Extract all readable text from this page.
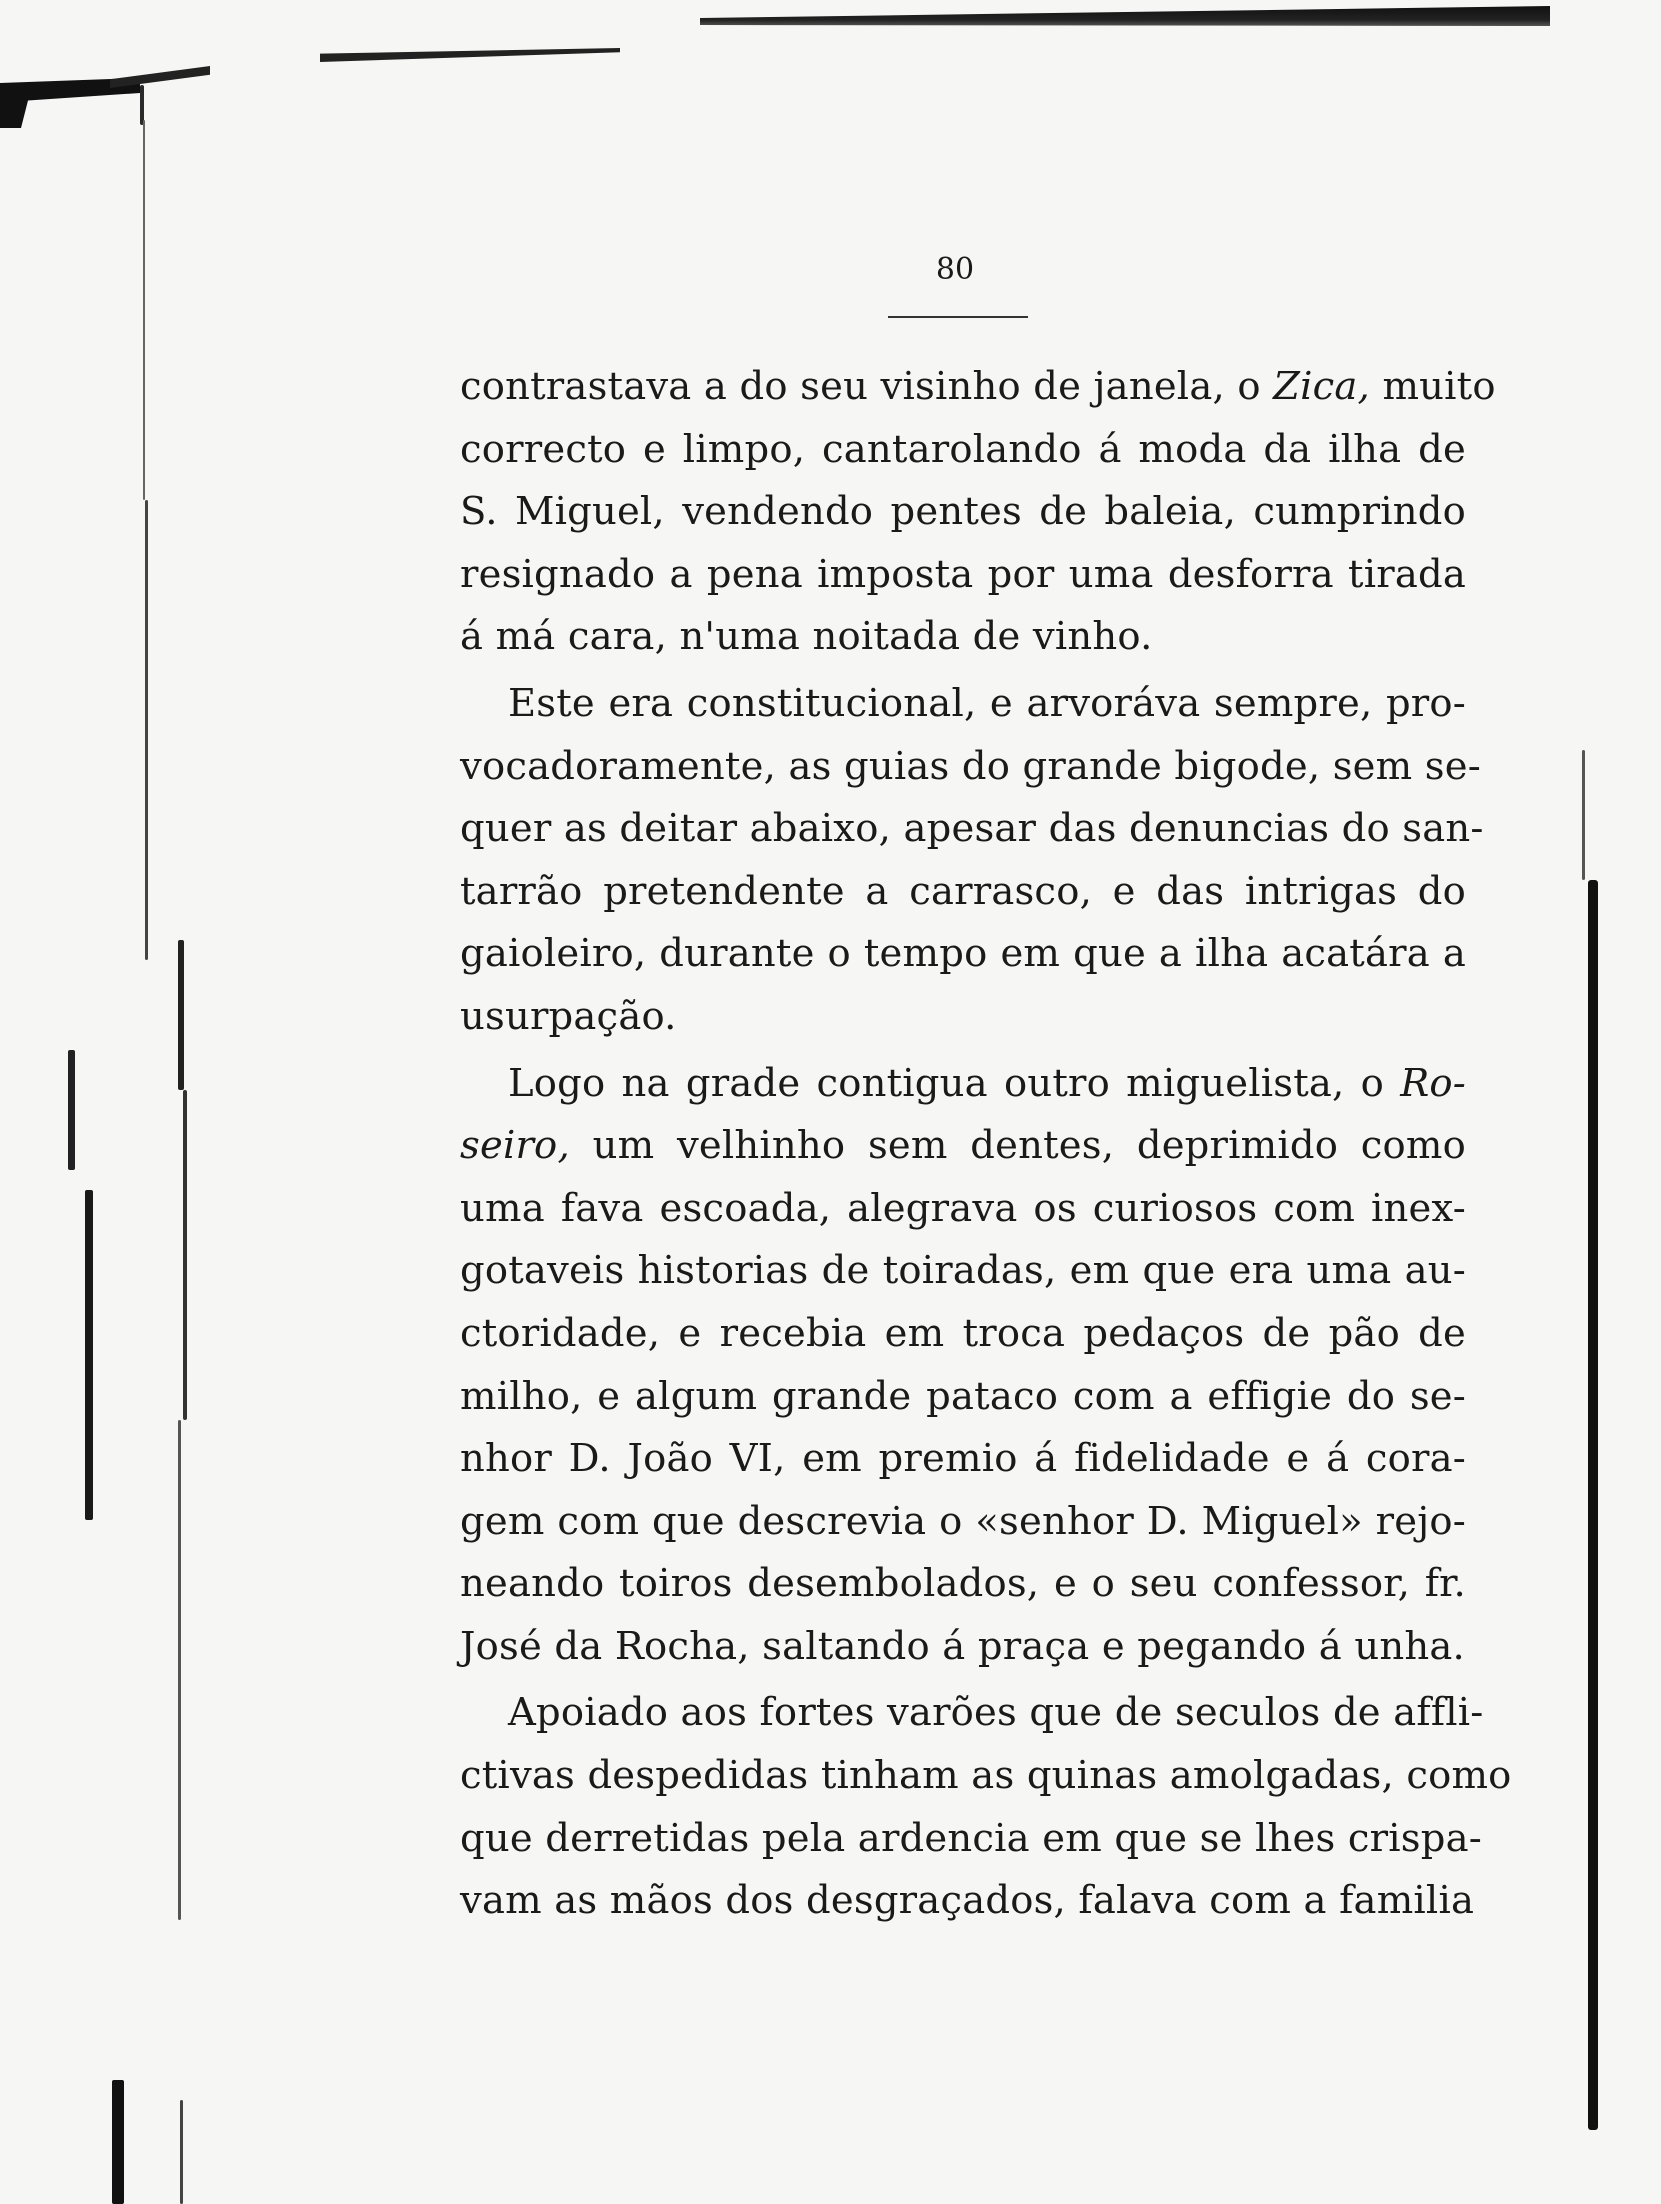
80
contrastava a do seu visinho de janela, o Zica, muito
correcto e limpo, cantarolando á moda da ilha de
S. Miguel, vendendo pentes de baleia, cumprindo
resignado a pena imposta por uma desforra tirada
á má cara, n'uma noitada de vinho.
Este era constitucional, e arvoráva sempre, pro-
vocadoramente, as guias do grande bigode, sem se-
quer as deitar abaixo, apesar das denuncias do san-
tarrão pretendente a carrasco, e das intrigas do
gaioleiro, durante o tempo em que a ilha acatára a
usurpação.
Logo na grade contigua outro miguelista, o Ro-
seiro, um velhinho sem dentes, deprimido como
uma fava escoada, alegrava os curiosos com inex-
gotaveis historias de toiradas, em que era uma au-
ctoridade, e recebia em troca pedaços de pão de
milho, e algum grande pataco com a effigie do se-
nhor D. João VI, em premio á fidelidade e á cora-
gem com que descrevia o «senhor D. Miguel» rejo-
neando toiros desembolados, e o seu confessor, fr.
José da Rocha, saltando á praça e pegando á unha.
Apoiado aos fortes varões que de seculos de affli-
ctivas despedidas tinham as quinas amolgadas, como
que derretidas pela ardencia em que se lhes crispa-
vam as mãos dos desgraçados, falava com a familia
